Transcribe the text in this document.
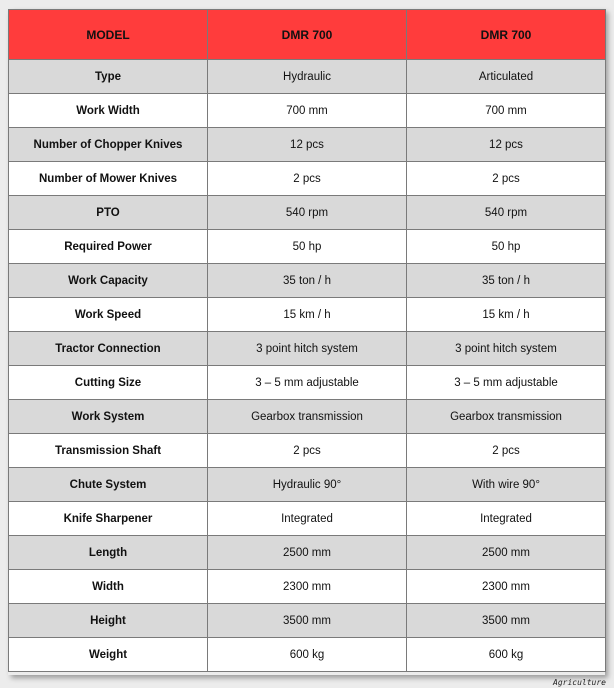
MODEL	DMR 700	DMR 700
Type	Hydraulic	Articulated
Work Width	700 mm	700 mm
Number of Chopper Knives	12 pcs	12 pcs
Number of Mower Knives	2 pcs	2 pcs
PTO	540 rpm	540 rpm
Required Power	50 hp	50 hp
Work Capacity	35 ton / h	35 ton / h
Work Speed	15 km / h	15 km / h
Tractor Connection	3 point hitch system	3 point hitch system
Cutting Size	3 – 5 mm adjustable	3 – 5 mm adjustable
Work System	Gearbox transmission	Gearbox transmission
Transmission Shaft	2 pcs	2 pcs
Chute System	Hydraulic 90°	With wire 90°
Knife Sharpener	Integrated	Integrated
Length	2500 mm	2500 mm
Width	2300 mm	2300 mm
Height	3500 mm	3500 mm
Weight	600 kg	600 kg
Agriculture
